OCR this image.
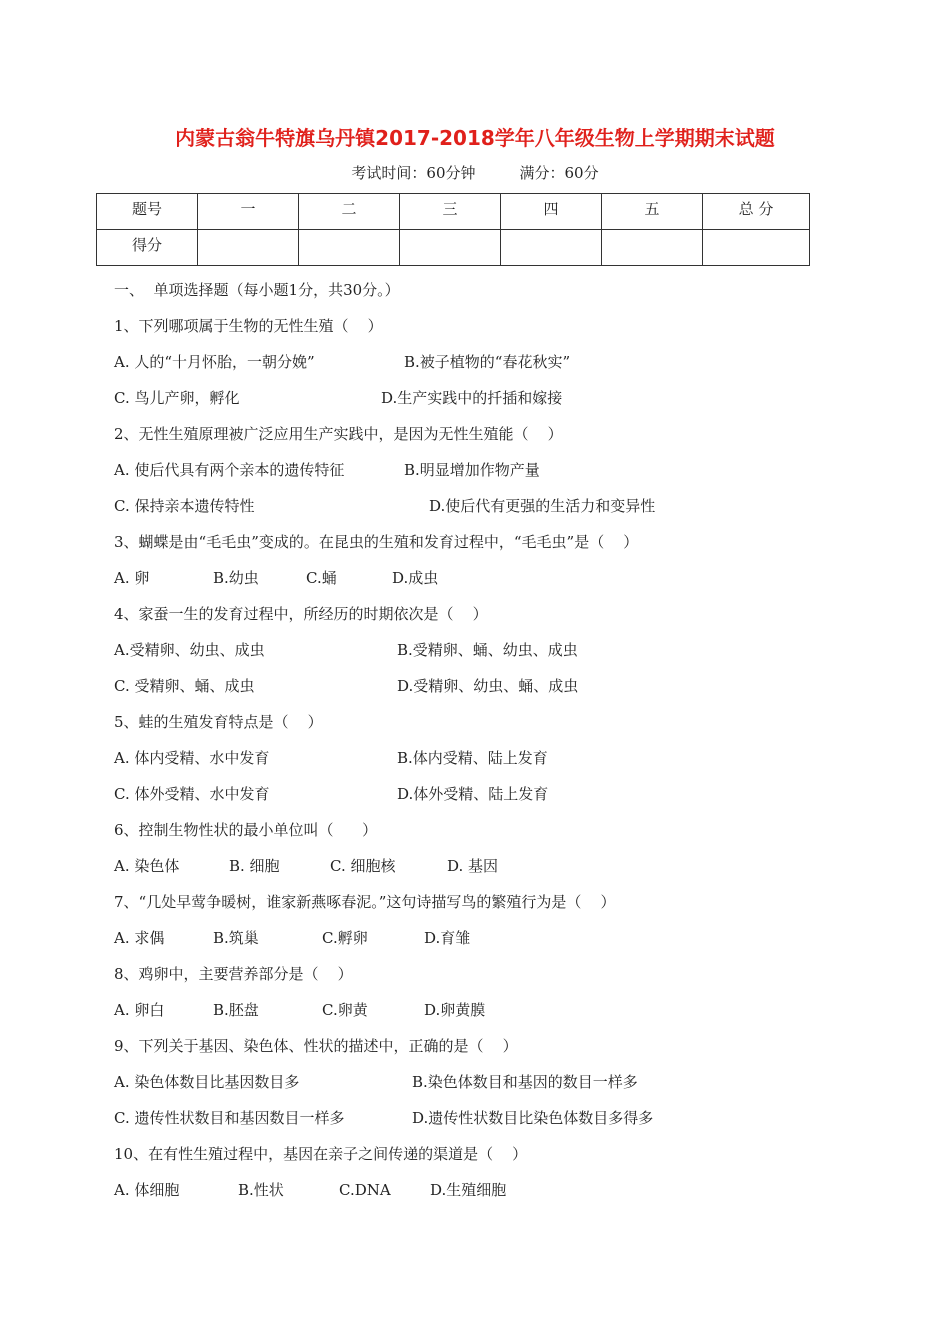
内蒙古翁牛特旗乌丹镇2017-2018学年八年级生物上学期期末试题
考试时间：60分钟	满分：60分
题号	一	二	三	四	五	总 分
得分						
一、  单项选择题（每小题1分，共30分。）
1、下列哪项属于生物的无性生殖（    ）
A. 人的“十月怀胎，一朝分娩”	B.被子植物的“春花秋实”
C. 鸟儿产卵，孵化	D.生产实践中的扦插和嫁接
2、无性生殖原理被广泛应用生产实践中，是因为无性生殖能（    ）
A. 使后代具有两个亲本的遗传特征	B.明显增加作物产量
C. 保持亲本遗传特性	D.使后代有更强的生活力和变异性
3、蝴蝶是由“毛毛虫”变成的。在昆虫的生殖和发育过程中，“毛毛虫”是（    ）
A. 卵	B.幼虫	C.蛹	D.成虫
4、家蚕一生的发育过程中，所经历的时期依次是（    ）
A.受精卵、幼虫、成虫	B.受精卵、蛹、幼虫、成虫
C. 受精卵、蛹、成虫	D.受精卵、幼虫、蛹、成虫
5、蛙的生殖发育特点是（    ）
A. 体内受精、水中发育	B.体内受精、陆上发育
C. 体外受精、水中发育	D.体外受精、陆上发育
6、控制生物性状的最小单位叫（      ）
A. 染色体	B. 细胞	C. 细胞核	D. 基因
7、“几处早莺争暖树，谁家新燕啄春泥。”这句诗描写鸟的繁殖行为是（    ）
A. 求偶	B.筑巢	C.孵卵	D.育雏
8、鸡卵中，主要营养部分是（    ）
A. 卵白	B.胚盘	C.卵黄	D.卵黄膜
9、下列关于基因、染色体、性状的描述中，正确的是（    ）
A. 染色体数目比基因数目多	B.染色体数目和基因的数目一样多
C. 遗传性状数目和基因数目一样多	D.遗传性状数目比染色体数目多得多
10、在有性生殖过程中，基因在亲子之间传递的渠道是（    ）
A. 体细胞	B.性状	C.DNA	D.生殖细胞
